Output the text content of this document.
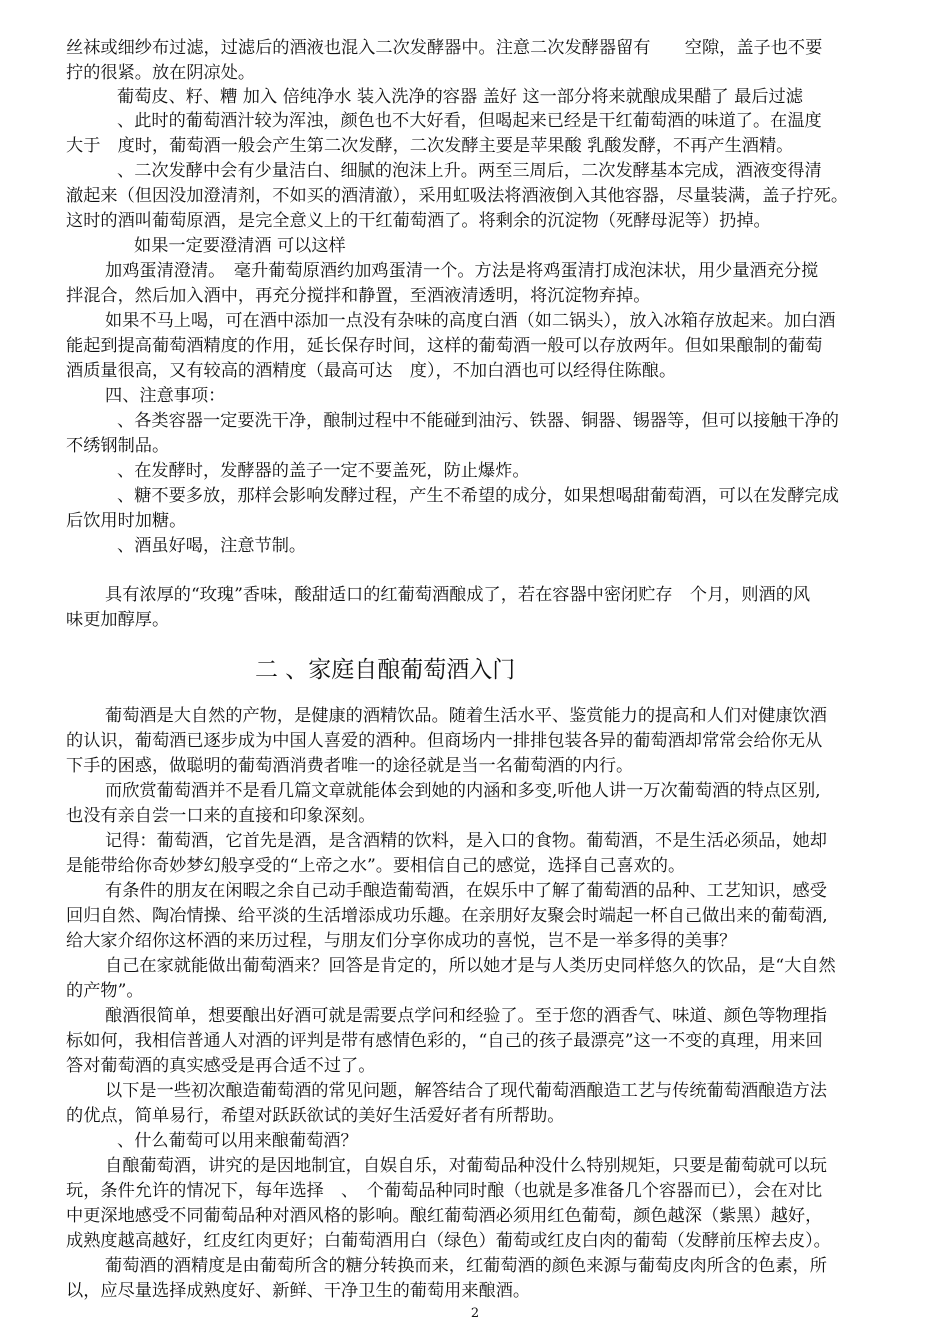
丝袜或细纱布过滤，过滤后的酒液也混入二次发酵器中。注意二次发酵器留有　　空隙，盖子也不要
拧的很紧。放在阴凉处。
葡萄皮、籽、糟 加入 倍纯净水 装入洗净的容器 盖好 这一部分将来就酿成果醋了 最后过滤
、此时的葡萄酒汁较为浑浊，颜色也不大好看，但喝起来已经是干红葡萄酒的味道了。在温度
大于　度时，葡萄酒一般会产生第二次发酵，二次发酵主要是苹果酸 乳酸发酵，不再产生酒精。
、二次发酵中会有少量洁白、细腻的泡沫上升。两至三周后，二次发酵基本完成，酒液变得清
澈起来（但因没加澄清剂，不如买的酒清澈），采用虹吸法将酒液倒入其他容器，尽量装满，盖子拧死。
这时的酒叫葡萄原酒，是完全意义上的干红葡萄酒了。将剩余的沉淀物（死酵母泥等）扔掉。
如果一定要澄清酒 可以这样
加鸡蛋清澄清。　毫升葡萄原酒约加鸡蛋清一个。方法是将鸡蛋清打成泡沫状，用少量酒充分搅
拌混合，然后加入酒中，再充分搅拌和静置，至酒液清透明，将沉淀物弃掉。
如果不马上喝，可在酒中添加一点没有杂味的高度白酒（如二锅头），放入冰箱存放起来。加白酒
能起到提高葡萄酒精度的作用，延长保存时间，这样的葡萄酒一般可以存放两年。但如果酿制的葡萄
酒质量很高，又有较高的酒精度（最高可达　度），不加白酒也可以经得住陈酿。
四、注意事项：
、各类容器一定要洗干净，酿制过程中不能碰到油污、铁器、铜器、锡器等，但可以接触干净的
不绣钢制品。
、在发酵时，发酵器的盖子一定不要盖死，防止爆炸。
、糖不要多放，那样会影响发酵过程，产生不希望的成分，如果想喝甜葡萄酒，可以在发酵完成
后饮用时加糖。
、酒虽好喝，注意节制。
具有浓厚的“玫瑰”香味，酸甜适口的红葡萄酒酿成了，若在容器中密闭贮存　个月，则酒的风
味更加醇厚。
二 、家庭自酿葡萄酒入门
葡萄酒是大自然的产物，是健康的酒精饮品。随着生活水平、鉴赏能力的提高和人们对健康饮酒
的认识，葡萄酒已逐步成为中国人喜爱的酒种。但商场内一排排包装各异的葡萄酒却常常会给你无从
下手的困惑，做聪明的葡萄酒消费者唯一的途径就是当一名葡萄酒的内行。
而欣赏葡萄酒并不是看几篇文章就能体会到她的内涵和多变,听他人讲一万次葡萄酒的特点区别,
也没有亲自尝一口来的直接和印象深刻。
记得：葡萄酒，它首先是酒，是含酒精的饮料，是入口的食物。葡萄酒，不是生活必须品，她却
是能带给你奇妙梦幻般享受的“上帝之水”。要相信自己的感觉，选择自己喜欢的。
有条件的朋友在闲暇之余自己动手酿造葡萄酒，在娱乐中了解了葡萄酒的品种、工艺知识，感受
回归自然、陶冶情操、给平淡的生活增添成功乐趣。在亲朋好友聚会时端起一杯自己做出来的葡萄酒,
给大家介绍你这杯酒的来历过程，与朋友们分享你成功的喜悦，岂不是一举多得的美事？
自己在家就能做出葡萄酒来？回答是肯定的，所以她才是与人类历史同样悠久的饮品，是“大自然
的产物”。
酿酒很简单，想要酿出好酒可就是需要点学问和经验了。至于您的酒香气、味道、颜色等物理指
标如何，我相信普通人对酒的评判是带有感情色彩的，“自己的孩子最漂亮”这一不变的真理，用来回
答对葡萄酒的真实感受是再合适不过了。
以下是一些初次酿造葡萄酒的常见问题，解答结合了现代葡萄酒酿造工艺与传统葡萄酒酿造方法
的优点，简单易行，希望对跃跃欲试的美好生活爱好者有所帮助。
、什么葡萄可以用来酿葡萄酒？
自酿葡萄酒，讲究的是因地制宜，自娱自乐，对葡萄品种没什么特别规矩，只要是葡萄就可以玩
玩，条件允许的情况下，每年选择　、　个葡萄品种同时酿（也就是多准备几个容器而已），会在对比
中更深地感受不同葡萄品种对酒风格的影响。酿红葡萄酒必须用红色葡萄，颜色越深（紫黑）越好，
成熟度越高越好，红皮红肉更好；白葡萄酒用白（绿色）葡萄或红皮白肉的葡萄（发酵前压榨去皮）。
葡萄酒的酒精度是由葡萄所含的糖分转换而来，红葡萄酒的颜色来源与葡萄皮肉所含的色素，所
以，应尽量选择成熟度好、新鲜、干净卫生的葡萄用来酿酒。
2
